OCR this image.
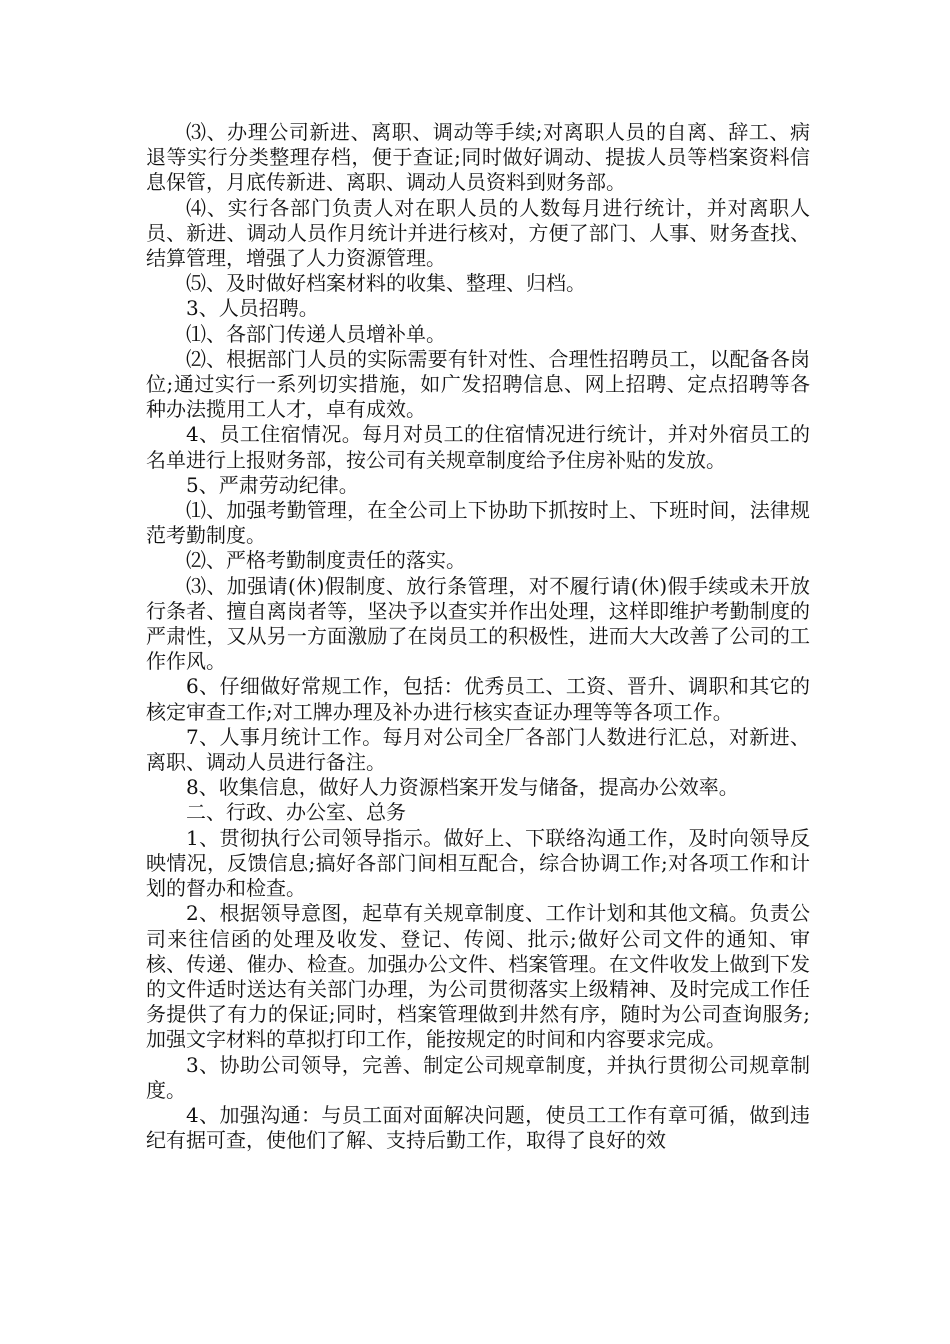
⑶、办理公司新进、离职、调动等手续;对离职人员的自离、辞工、病退等实行分类整理存档，便于查证;同时做好调动、提拔人员等档案资料信息保管，月底传新进、离职、调动人员资料到财务部。

⑷、实行各部门负责人对在职人员的人数每月进行统计，并对离职人员、新进、调动人员作月统计并进行核对，方便了部门、人事、财务查找、结算管理，增强了人力资源管理。

⑸、及时做好档案材料的收集、整理、归档。

3、人员招聘。

⑴、各部门传递人员增补单。

⑵、根据部门人员的实际需要有针对性、合理性招聘员工，以配备各岗位;通过实行一系列切实措施，如广发招聘信息、网上招聘、定点招聘等各种办法揽用工人才，卓有成效。

4、员工住宿情况。每月对员工的住宿情况进行统计，并对外宿员工的名单进行上报财务部，按公司有关规章制度给予住房补贴的发放。

5、严肃劳动纪律。

⑴、加强考勤管理，在全公司上下协助下抓按时上、下班时间，法律规范考勤制度。

⑵、严格考勤制度责任的落实。

⑶、加强请(休)假制度、放行条管理，对不履行请(休)假手续或未开放行条者、擅自离岗者等，坚决予以查实并作出处理，这样即维护考勤制度的严肃性，又从另一方面激励了在岗员工的积极性，进而大大改善了公司的工作作风。

6、仔细做好常规工作，包括：优秀员工、工资、晋升、调职和其它的核定审查工作;对工牌办理及补办进行核实查证办理等等各项工作。

7、人事月统计工作。每月对公司全厂各部门人数进行汇总，对新进、离职、调动人员进行备注。

8、收集信息，做好人力资源档案开发与储备，提高办公效率。

二、行政、办公室、总务

1、贯彻执行公司领导指示。做好上、下联络沟通工作，及时向领导反映情况，反馈信息;搞好各部门间相互配合，综合协调工作;对各项工作和计划的督办和检查。

2、根据领导意图，起草有关规章制度、工作计划和其他文稿。负责公司来往信函的处理及收发、登记、传阅、批示;做好公司文件的通知、审核、传递、催办、检查。加强办公文件、档案管理。在文件收发上做到下发的文件适时送达有关部门办理，为公司贯彻落实上级精神、及时完成工作任务提供了有力的保证;同时，档案管理做到井然有序，随时为公司查询服务;加强文字材料的草拟打印工作，能按规定的时间和内容要求完成。

3、协助公司领导，完善、制定公司规章制度，并执行贯彻公司规章制度。

4、加强沟通：与员工面对面解决问题，使员工工作有章可循，做到违纪有据可查，使他们了解、支持后勤工作，取得了良好的效
